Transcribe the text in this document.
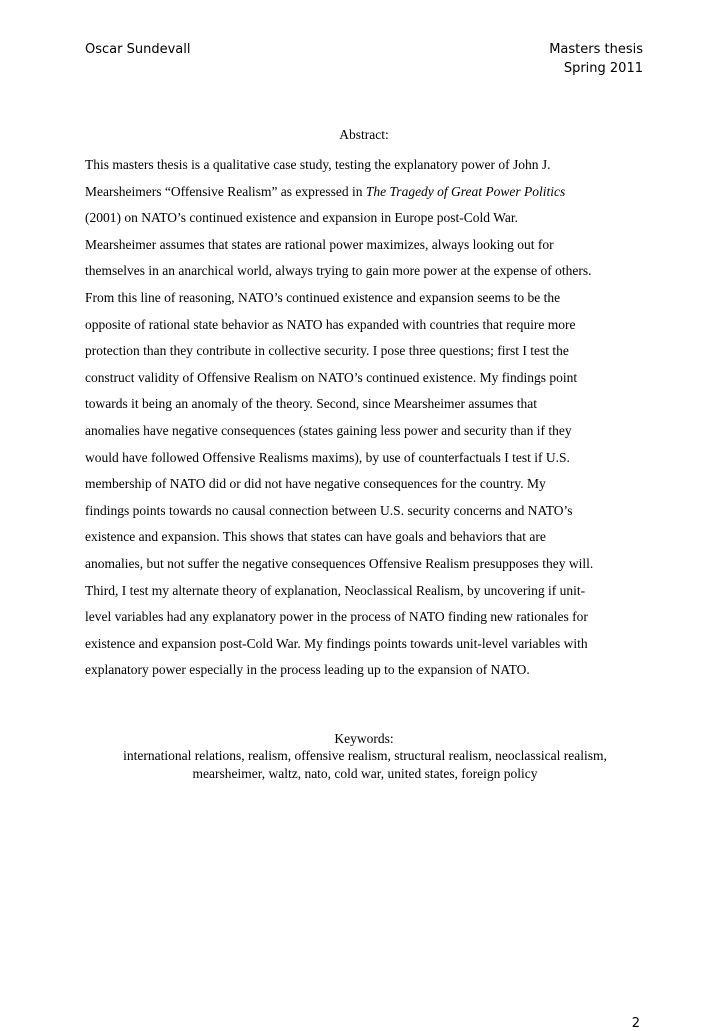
Oscar Sundevall	Masters thesis
Spring 2011
Abstract:
This masters thesis is a qualitative case study, testing the explanatory power of John J.
Mearsheimers “Offensive Realism” as expressed in The Tragedy of Great Power Politics
(2001) on NATO’s continued existence and expansion in Europe post-Cold War.
Mearsheimer assumes that states are rational power maximizes, always looking out for
themselves in an anarchical world, always trying to gain more power at the expense of others.
From this line of reasoning, NATO’s continued existence and expansion seems to be the
opposite of rational state behavior as NATO has expanded with countries that require more
protection than they contribute in collective security. I pose three questions; first I test the
construct validity of Offensive Realism on NATO’s continued existence. My findings point
towards it being an anomaly of the theory. Second, since Mearsheimer assumes that
anomalies have negative consequences (states gaining less power and security than if they
would have followed Offensive Realisms maxims), by use of counterfactuals I test if U.S.
membership of NATO did or did not have negative consequences for the country. My
findings points towards no causal connection between U.S. security concerns and NATO’s
existence and expansion. This shows that states can have goals and behaviors that are
anomalies, but not suffer the negative consequences Offensive Realism presupposes they will.
Third, I test my alternate theory of explanation, Neoclassical Realism, by uncovering if unit-
level variables had any explanatory power in the process of NATO finding new rationales for
existence and expansion post-Cold War. My findings points towards unit-level variables with
explanatory power especially in the process leading up to the expansion of NATO.
Keywords:
international relations, realism, offensive realism, structural realism, neoclassical realism,
mearsheimer, waltz, nato, cold war, united states, foreign policy
2
